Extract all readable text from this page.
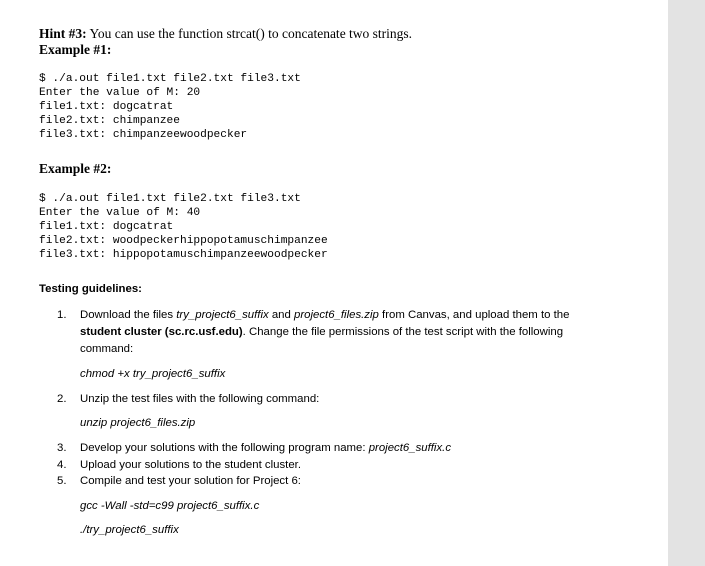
Hint #3: You can use the function strcat() to concatenate two strings.
Example #1:
$ ./a.out file1.txt file2.txt file3.txt
Enter the value of M: 20
file1.txt: dogcatrat
file2.txt: chimpanzee
file3.txt: chimpanzeewoodpecker
Example #2:
$ ./a.out file1.txt file2.txt file3.txt
Enter the value of M: 40
file1.txt: dogcatrat
file2.txt: woodpeckerhippopotamuschimpanzee
file3.txt: hippopotamuschimpanzeewoodpecker
Testing guidelines:
1. Download the files try_project6_suffix and project6_files.zip from Canvas, and upload them to the
student cluster (sc.rc.usf.edu). Change the file permissions of the test script with the following
command:
chmod +x try_project6_suffix
2. Unzip the test files with the following command:
unzip project6_files.zip
3. Develop your solutions with the following program name: project6_suffix.c
4. Upload your solutions to the student cluster.
5. Compile and test your solution for Project 6:
gcc -Wall -std=c99 project6_suffix.c
./try_project6_suffix
